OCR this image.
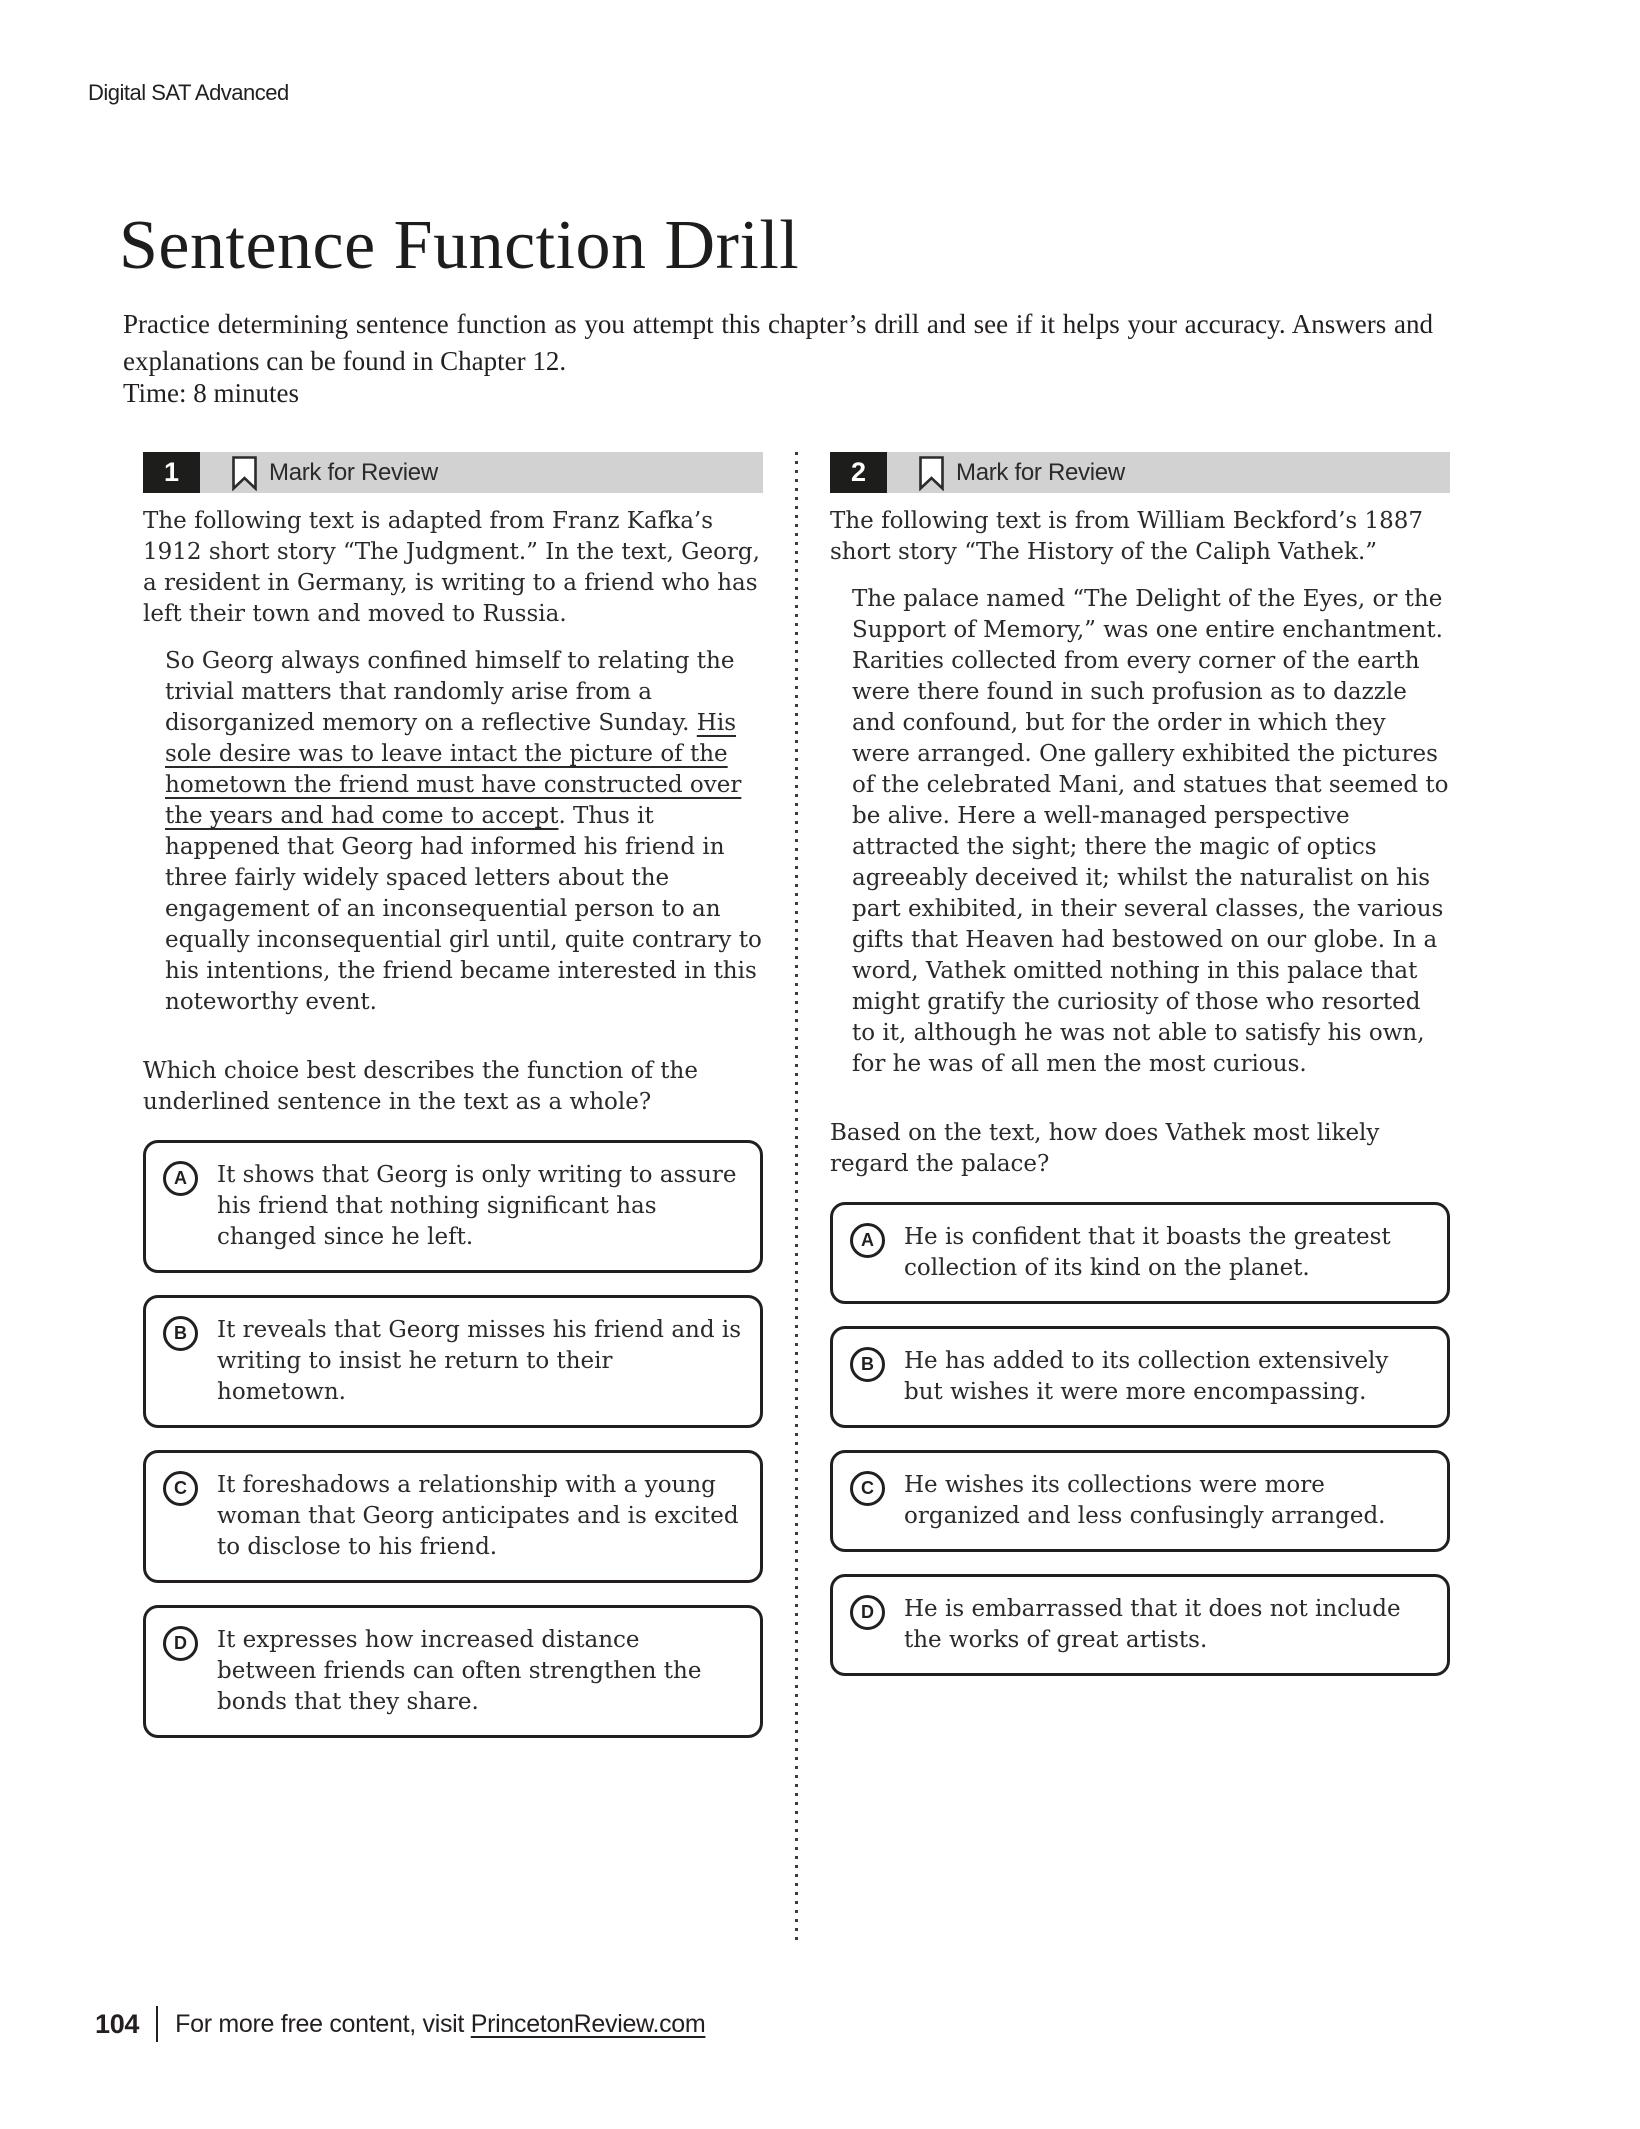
Digital SAT Advanced
Sentence Function Drill

Practice determining sentence function as you attempt this chapter’s drill and see if it helps your accuracy. Answers and explanations can be found in Chapter 12.

Time: 8 minutes
1	Mark for Review

The following text is adapted from Franz Kafka’s 1912 short story “The Judgment.” In the text, Georg, a resident in Germany, is writing to a friend who has left their town and moved to Russia.

So Georg always confined himself to relating the trivial matters that randomly arise from a disorganized memory on a reflective Sunday. His sole desire was to leave intact the picture of the hometown the friend must have constructed over the years and had come to accept. Thus it happened that Georg had informed his friend in three fairly widely spaced letters about the engagement of an inconsequential person to an equally inconsequential girl until, quite contrary to his intentions, the friend became interested in this noteworthy event.

Which choice best describes the function of the underlined sentence in the text as a whole?

A	It shows that Georg is only writing to assure his friend that nothing significant has changed since he left.
B	It reveals that Georg misses his friend and is writing to insist he return to their hometown.
C	It foreshadows a relationship with a young woman that Georg anticipates and is excited to disclose to his friend.
D	It expresses how increased distance between friends can often strengthen the bonds that they share.
2	Mark for Review

The following text is from William Beckford’s 1887 short story “The History of the Caliph Vathek.”

The palace named “The Delight of the Eyes, or the Support of Memory,” was one entire enchantment. Rarities collected from every corner of the earth were there found in such profusion as to dazzle and confound, but for the order in which they were arranged. One gallery exhibited the pictures of the celebrated Mani, and statues that seemed to be alive. Here a well-managed perspective attracted the sight; there the magic of optics agreeably deceived it; whilst the naturalist on his part exhibited, in their several classes, the various gifts that Heaven had bestowed on our globe. In a word, Vathek omitted nothing in this palace that might gratify the curiosity of those who resorted to it, although he was not able to satisfy his own, for he was of all men the most curious.

Based on the text, how does Vathek most likely regard the palace?

A	He is confident that it boasts the greatest collection of its kind on the planet.
B	He has added to its collection extensively but wishes it were more encompassing.
C	He wishes its collections were more organized and less confusingly arranged.
D	He is embarrassed that it does not include the works of great artists.
104 For more free content, visit PrincetonReview.com
